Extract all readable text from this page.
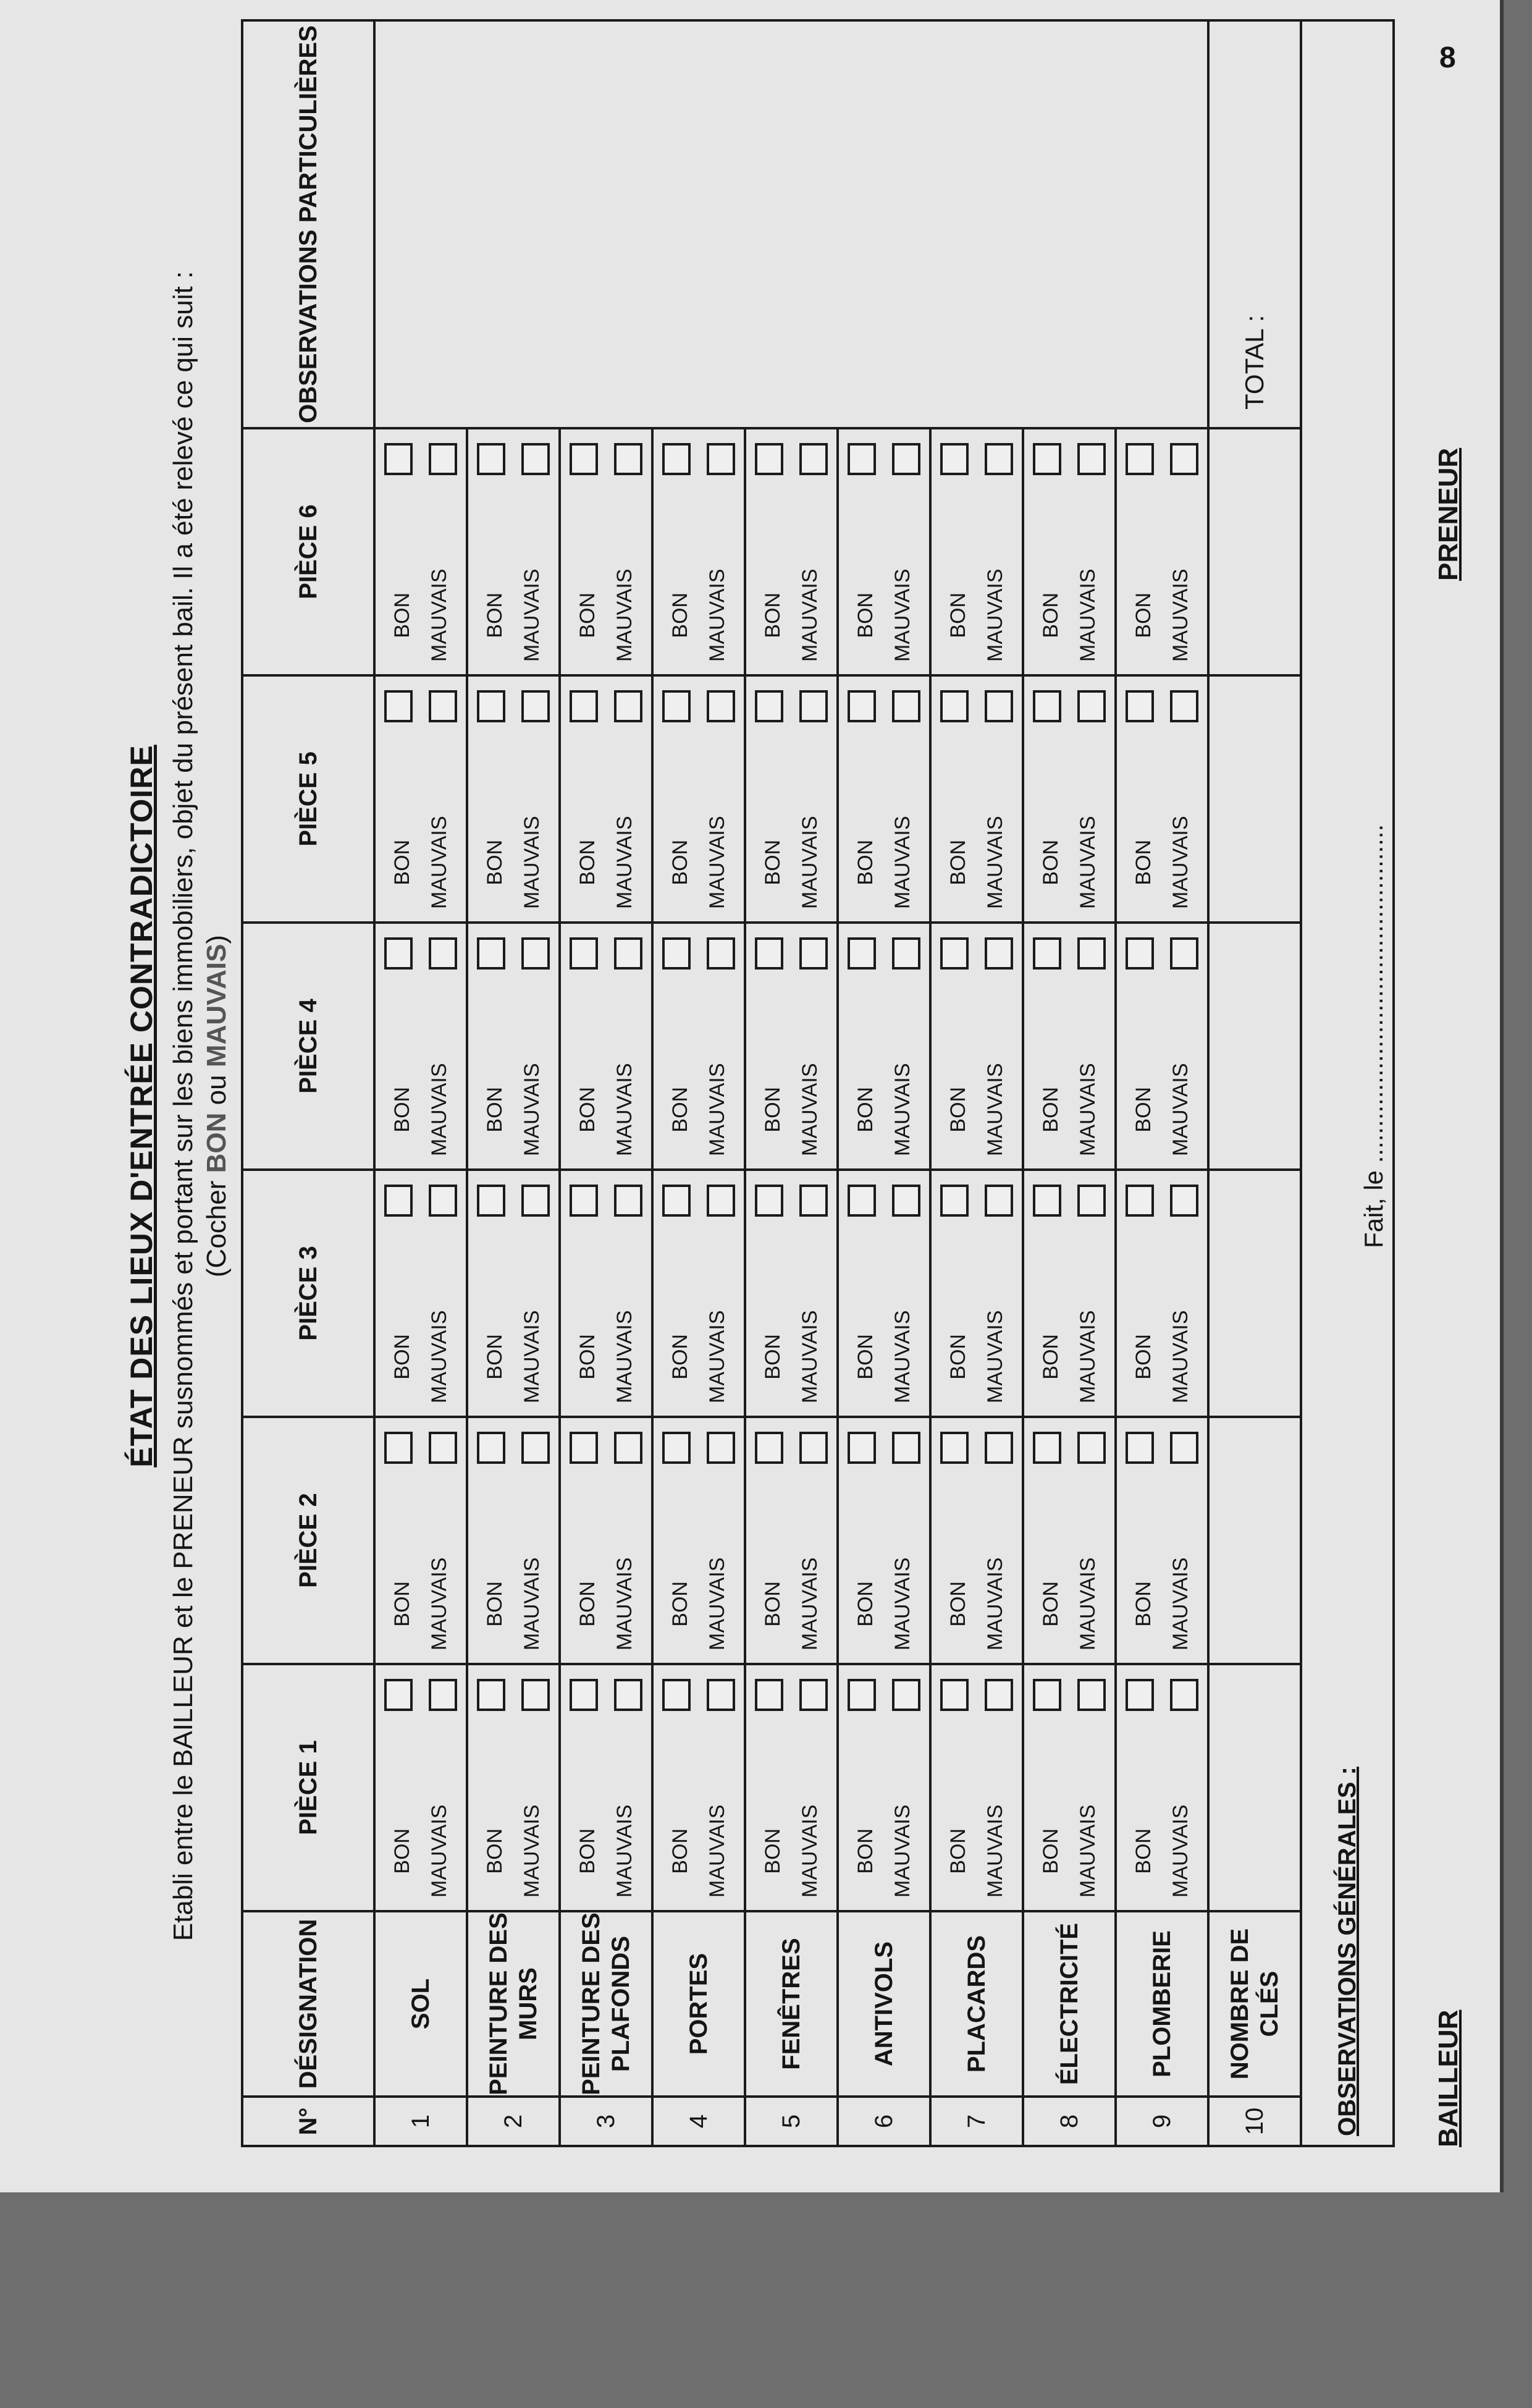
8
ÉTAT DES LIEUX D'ENTRÉE CONTRADICTOIRE Etabli entre le BAILLEUR et le PRENEUR susnommés et portant sur les biens immobiliers, objet du présent bail. Il a été relevé ce qui suit : (Cocher BON ou MAUVAIS)
N°	DÉSIGNATION	PIÈCE 1	PIÈCE 2	PIÈCE 3	PIÈCE 4	PIÈCE 5	PIÈCE 6	OBSERVATIONS PARTICULIÈRES
1	SOL	BON MAUVAIS	BON MAUVAIS	BON MAUVAIS	BON MAUVAIS	BON MAUVAIS	BON MAUVAIS	

2	PEINTURE DES MURS	BON MAUVAIS	BON MAUVAIS	BON MAUVAIS	BON MAUVAIS	BON MAUVAIS	BON MAUVAIS	

3	PEINTURE DES PLAFONDS	BON MAUVAIS	BON MAUVAIS	BON MAUVAIS	BON MAUVAIS	BON MAUVAIS	BON MAUVAIS	

4	PORTES	BON MAUVAIS	BON MAUVAIS	BON MAUVAIS	BON MAUVAIS	BON MAUVAIS	BON MAUVAIS	

5	FENÊTRES	BON MAUVAIS	BON MAUVAIS	BON MAUVAIS	BON MAUVAIS	BON MAUVAIS	BON MAUVAIS	

6	ANTIVOLS	BON MAUVAIS	BON MAUVAIS	BON MAUVAIS	BON MAUVAIS	BON MAUVAIS	BON MAUVAIS	

7	PLACARDS	BON MAUVAIS	BON MAUVAIS	BON MAUVAIS	BON MAUVAIS	BON MAUVAIS	BON MAUVAIS	

8	ÉLECTRICITÉ	BON MAUVAIS	BON MAUVAIS	BON MAUVAIS	BON MAUVAIS	BON MAUVAIS	BON MAUVAIS	

9	PLOMBERIE	BON MAUVAIS	BON MAUVAIS	BON MAUVAIS	BON MAUVAIS	BON MAUVAIS	BON MAUVAIS	

10	NOMBRE DE CLÉS							TOTAL :
OBSERVATIONS GÉNÉRALES :								
Fait, le ...............................................
BAILLEUR
PRENEUR
